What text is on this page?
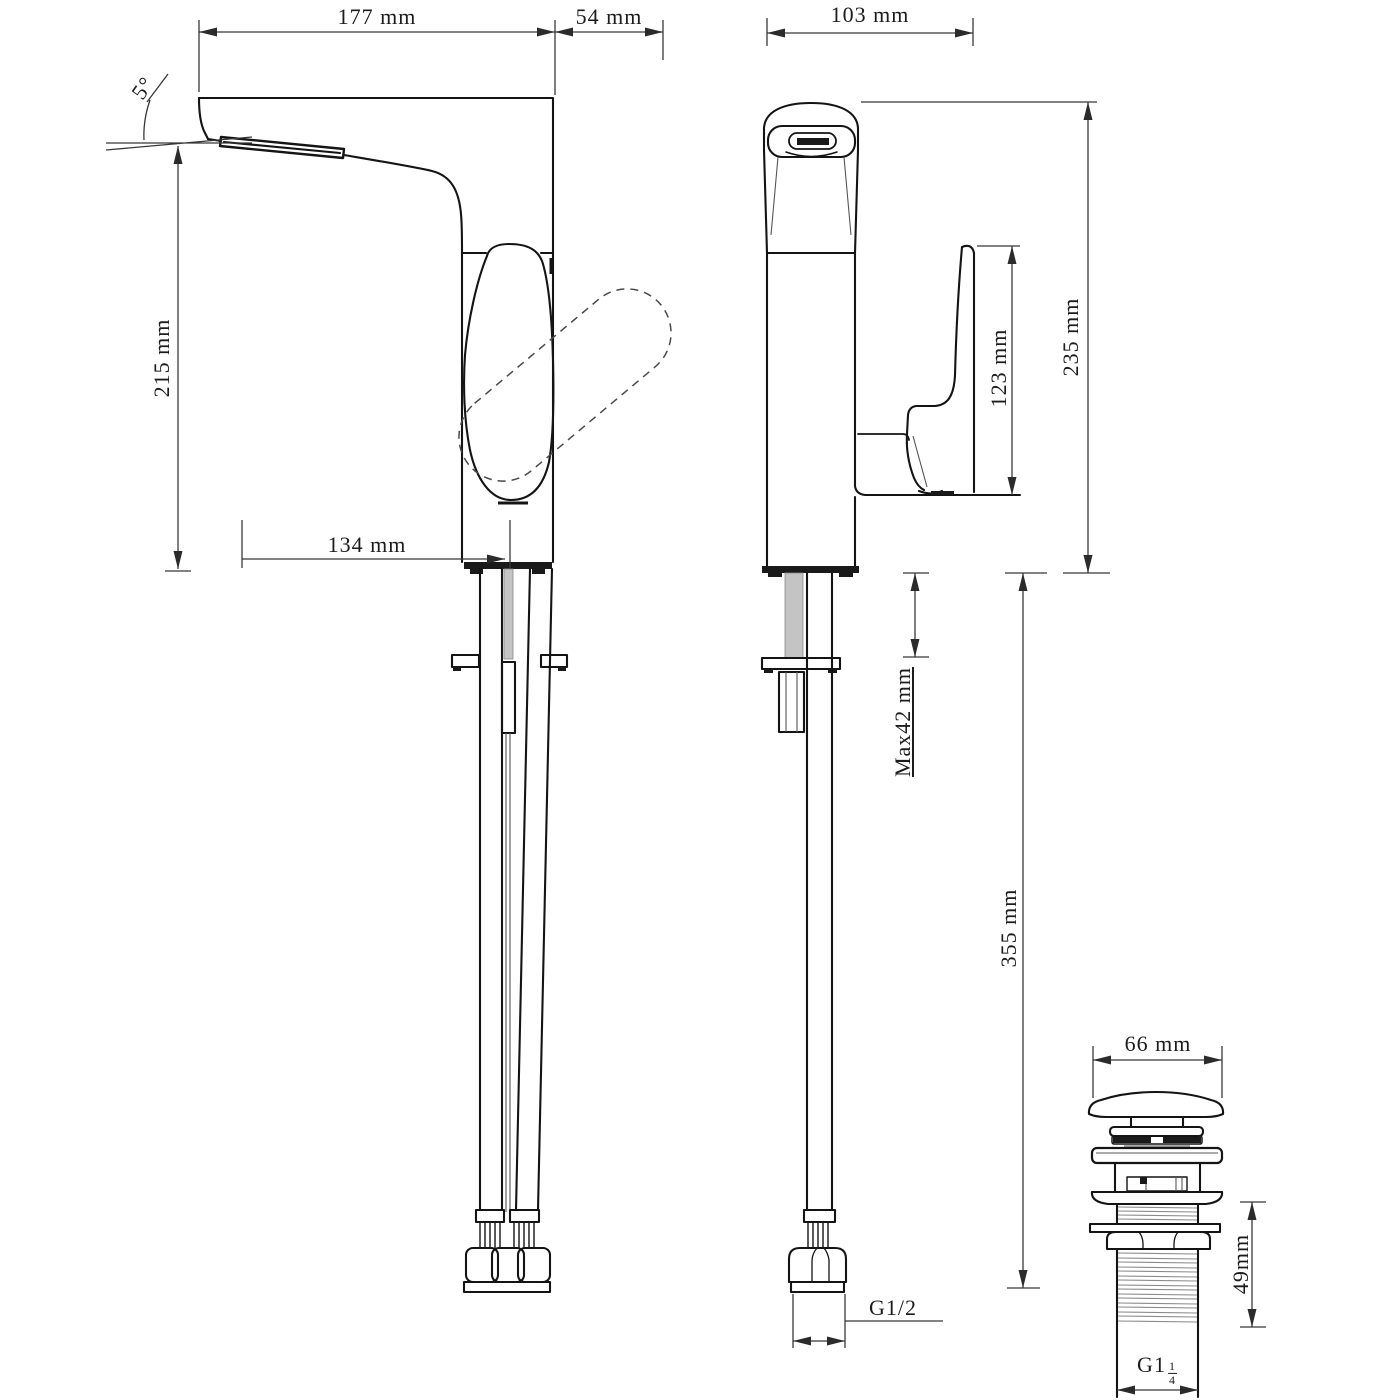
177 mm	54 mm
5°
215 mm
134 mm
103 mm
123 mm 235 mm
Max42 mm
355 mm
G1/2
66 mm
49mm
$G1 \frac{1}{4}$
